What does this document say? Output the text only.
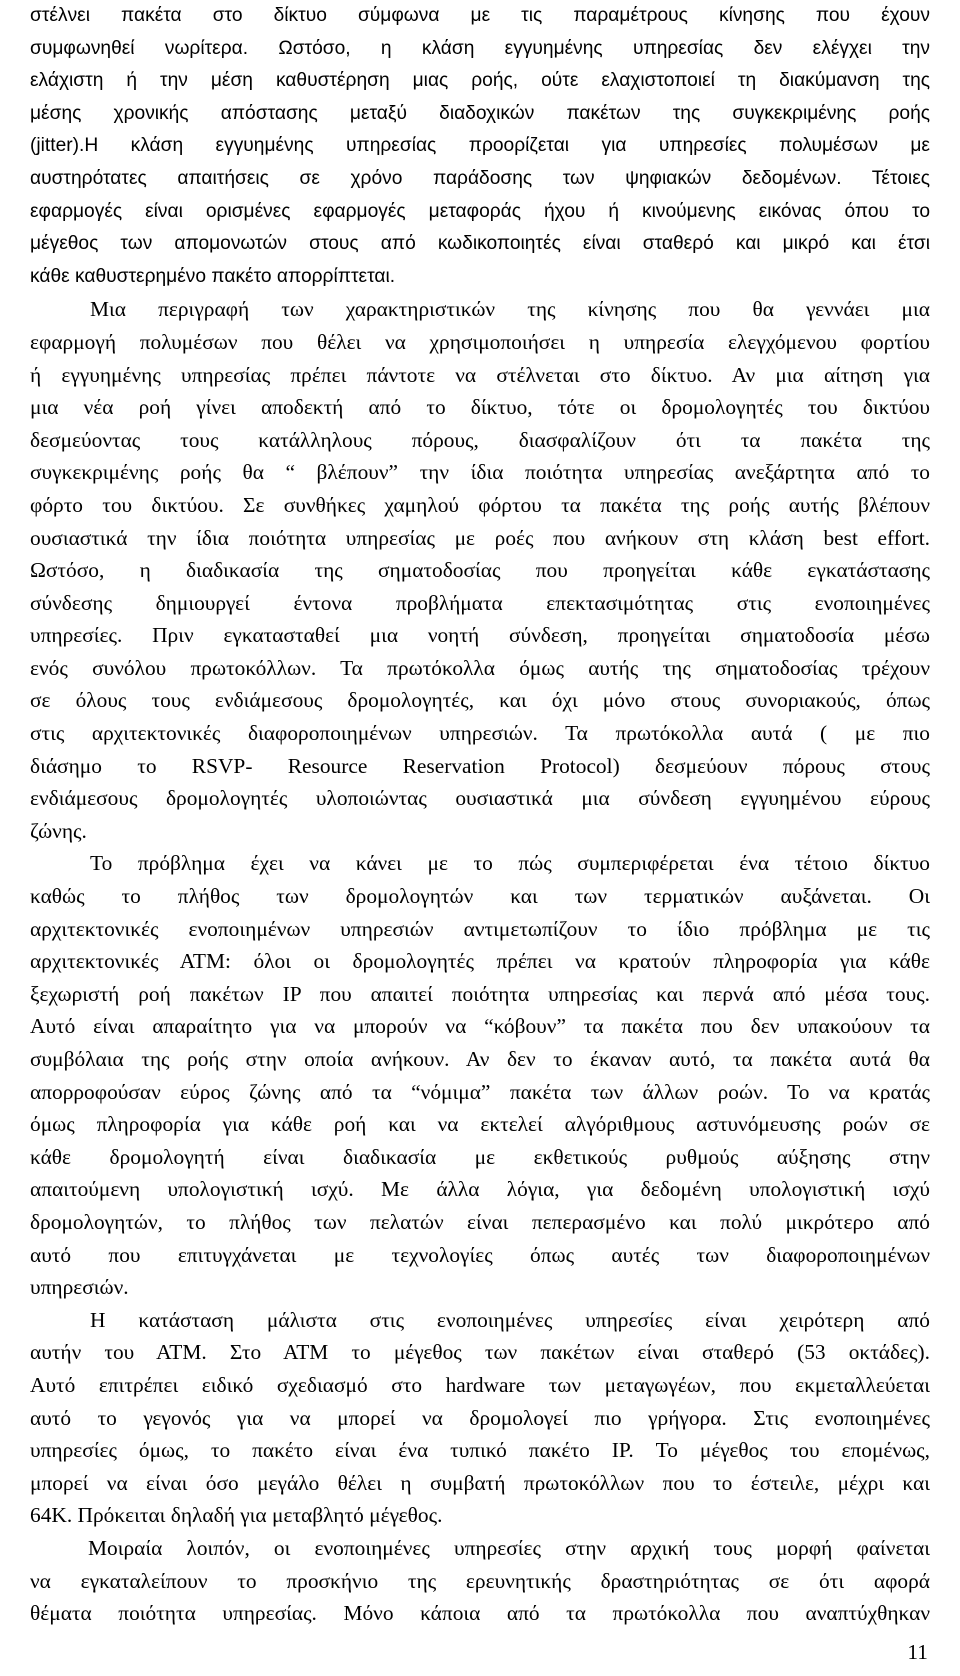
στέλνει πακέτα στο δίκτυο σύμφωνα με τις παραμέτρους κίνησης που έχουν
συμφωνηθεί νωρίτερα. Ωστόσο, η κλάση εγγυημένης υπηρεσίας δεν ελέγχει την
ελάχιστη ή την μέση καθυστέρηση μιας ροής, ούτε ελαχιστοποιεί τη διακύμανση της
μέσης χρονικής απόστασης μεταξύ διαδοχικών πακέτων της συγκεκριμένης ροής
(jitter).Η κλάση εγγυημένης υπηρεσίας προορίζεται για υπηρεσίες πολυμέσων με
αυστηρότατες απαιτήσεις σε χρόνο παράδοσης των ψηφιακών δεδομένων. Τέτοιες
εφαρμογές είναι ορισμένες εφαρμογές μεταφοράς ήχου ή κινούμενης εικόνας όπου το
μέγεθος των απομονωτών στους από κωδικοποιητές είναι σταθερό και μικρό και έτσι
κάθε καθυστερημένο πακέτο απορρίπτεται.
Μια περιγραφή των χαρακτηριστικών της κίνησης που θα γεννάει μια
εφαρμογή πολυμέσων που θέλει να χρησιμοποιήσει η υπηρεσία ελεγχόμενου φορτίου
ή εγγυημένης υπηρεσίας πρέπει πάντοτε να στέλνεται στο δίκτυο. Αν μια αίτηση για
μια νέα ροή γίνει αποδεκτή από το δίκτυο, τότε οι δρομολογητές του δικτύου
δεσμεύοντας τους κατάλληλους πόρους, διασφαλίζουν ότι τα πακέτα της
συγκεκριμένης ροής θα “ βλέπουν” την ίδια ποιότητα υπηρεσίας ανεξάρτητα από το
φόρτο του δικτύου. Σε συνθήκες χαμηλού φόρτου τα πακέτα της ροής αυτής βλέπουν
ουσιαστικά την ίδια ποιότητα υπηρεσίας με ροές που ανήκουν στη κλάση best effort.
Ωστόσο, η διαδικασία της σηματοδοσίας που προηγείται κάθε εγκατάστασης
σύνδεσης δημιουργεί έντονα προβλήματα επεκτασιμότητας στις ενοποιημένες
υπηρεσίες. Πριν εγκατασταθεί μια νοητή σύνδεση, προηγείται σηματοδοσία μέσω
ενός συνόλου πρωτοκόλλων. Τα πρωτόκολλα όμως αυτής της σηματοδοσίας τρέχουν
σε όλους τους ενδιάμεσους δρομολογητές, και όχι μόνο στους συνοριακούς, όπως
στις αρχιτεκτονικές διαφοροποιημένων υπηρεσιών. Τα πρωτόκολλα αυτά ( με πιο
διάσημο το RSVP- Resource Reservation Protocol) δεσμεύουν πόρους στους
ενδιάμεσους δρομολογητές υλοποιώντας ουσιαστικά μια σύνδεση εγγυημένου εύρους
ζώνης.
Το πρόβλημα έχει να κάνει με το πώς συμπεριφέρεται ένα τέτοιο δίκτυο
καθώς το πλήθος των δρομολογητών και των τερματικών αυξάνεται. Οι
αρχιτεκτονικές ενοποιημένων υπηρεσιών αντιμετωπίζουν το ίδιο πρόβλημα με τις
αρχιτεκτονικές ΑΤΜ: όλοι οι δρομολογητές πρέπει να κρατούν πληροφορία για κάθε
ξεχωριστή ροή πακέτων IP που απαιτεί ποιότητα υπηρεσίας και περνά από μέσα τους.
Αυτό είναι απαραίτητο για να μπορούν να “κόβουν” τα πακέτα που δεν υπακούουν τα
συμβόλαια της ροής στην οποία ανήκουν. Αν δεν το έκαναν αυτό, τα πακέτα αυτά θα
απορροφούσαν εύρος ζώνης από τα “νόμιμα” πακέτα των άλλων ροών. Το να κρατάς
όμως πληροφορία για κάθε ροή και να εκτελεί αλγόριθμους αστυνόμευσης ροών σε
κάθε δρομολογητή είναι διαδικασία με εκθετικούς ρυθμούς αύξησης στην
απαιτούμενη υπολογιστική ισχύ. Με άλλα λόγια, για δεδομένη υπολογιστική ισχύ
δρομολογητών, το πλήθος των πελατών είναι πεπερασμένο και πολύ μικρότερο από
αυτό που επιτυγχάνεται με τεχνολογίες όπως αυτές των διαφοροποιημένων
υπηρεσιών.
Η κατάσταση μάλιστα στις ενοποιημένες υπηρεσίες είναι χειρότερη από
αυτήν του ΑΤΜ. Στο ΑΤΜ το μέγεθος των πακέτων είναι σταθερό (53 οκτάδες).
Αυτό επιτρέπει ειδικό σχεδιασμό στο hardware των μεταγωγέων, που εκμεταλλεύεται
αυτό το γεγονός για να μπορεί να δρομολογεί πιο γρήγορα. Στις ενοποιημένες
υπηρεσίες όμως, το πακέτο είναι ένα τυπικό πακέτο IP. Το μέγεθος του επομένως,
μπορεί να είναι όσο μεγάλο θέλει η συμβατή πρωτοκόλλων που το έστειλε, μέχρι και
64K. Πρόκειται δηλαδή για μεταβλητό μέγεθος.
Μοιραία λοιπόν, οι ενοποιημένες υπηρεσίες στην αρχική τους μορφή φαίνεται
να εγκαταλείπουν το προσκήνιο της ερευνητικής δραστηριότητας σε ότι αφορά
θέματα ποιότητα υπηρεσίας. Μόνο κάποια από τα πρωτόκολλα που αναπτύχθηκαν
11
